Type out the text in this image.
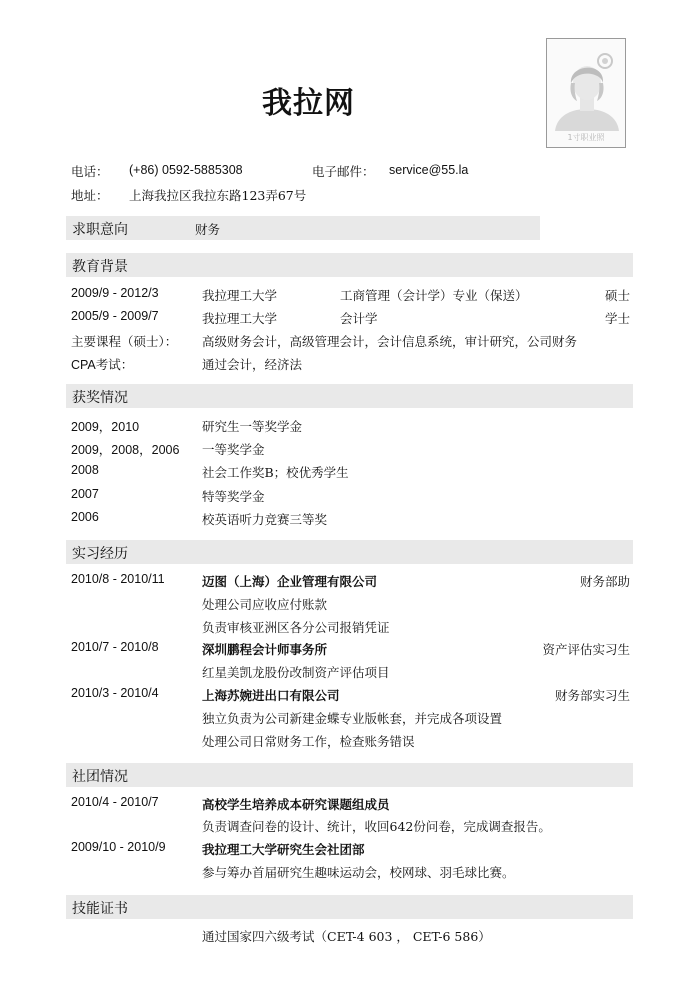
我拉网
1寸职业照
电话： (+86) 0592-5885308	电子邮件： service@55.la
地址： 上海我拉区我拉东路123弄67号
求职意向	财务
教育背景
2009/9 - 2012/3	我拉理工大学	工商管理（会计学）专业（保送）	硕士
2005/9 - 2009/7	我拉理工大学	会计学	学士
主要课程（硕士）： 高级财务会计，高级管理会计，会计信息系统，审计研究，公司财务
CPA考试：	通过会计，经济法
获奖情况
2009，2010	研究生一等奖学金
2009，2008，2006 一等奖学金
2008	社会工作奖B；校优秀学生
2007	特等奖学金
2006	校英语听力竞赛三等奖
实习经历
2010/8 - 2010/11	迈图（上海）企业管理有限公司	财务部助
处理公司应收应付账款
负责审核亚洲区各分公司报销凭证
2010/7 - 2010/8	深圳鹏程会计师事务所	资产评估实习生
红星美凯龙股份改制资产评估项目
2010/3 - 2010/4	上海苏婉进出口有限公司	财务部实习生
独立负责为公司新建金蝶专业版帐套，并完成各项设置
处理公司日常财务工作，检查账务错误
社团情况
2010/4 - 2010/7	高校学生培养成本研究课题组成员
负责调查问卷的设计、统计，收回642份问卷，完成调查报告。
2009/10 - 2010/9	我拉理工大学研究生会社团部
参与筹办首届研究生趣味运动会，校网球、羽毛球比赛。
技能证书
通过国家四六级考试（CET-4 603 ， CET-6 586）
